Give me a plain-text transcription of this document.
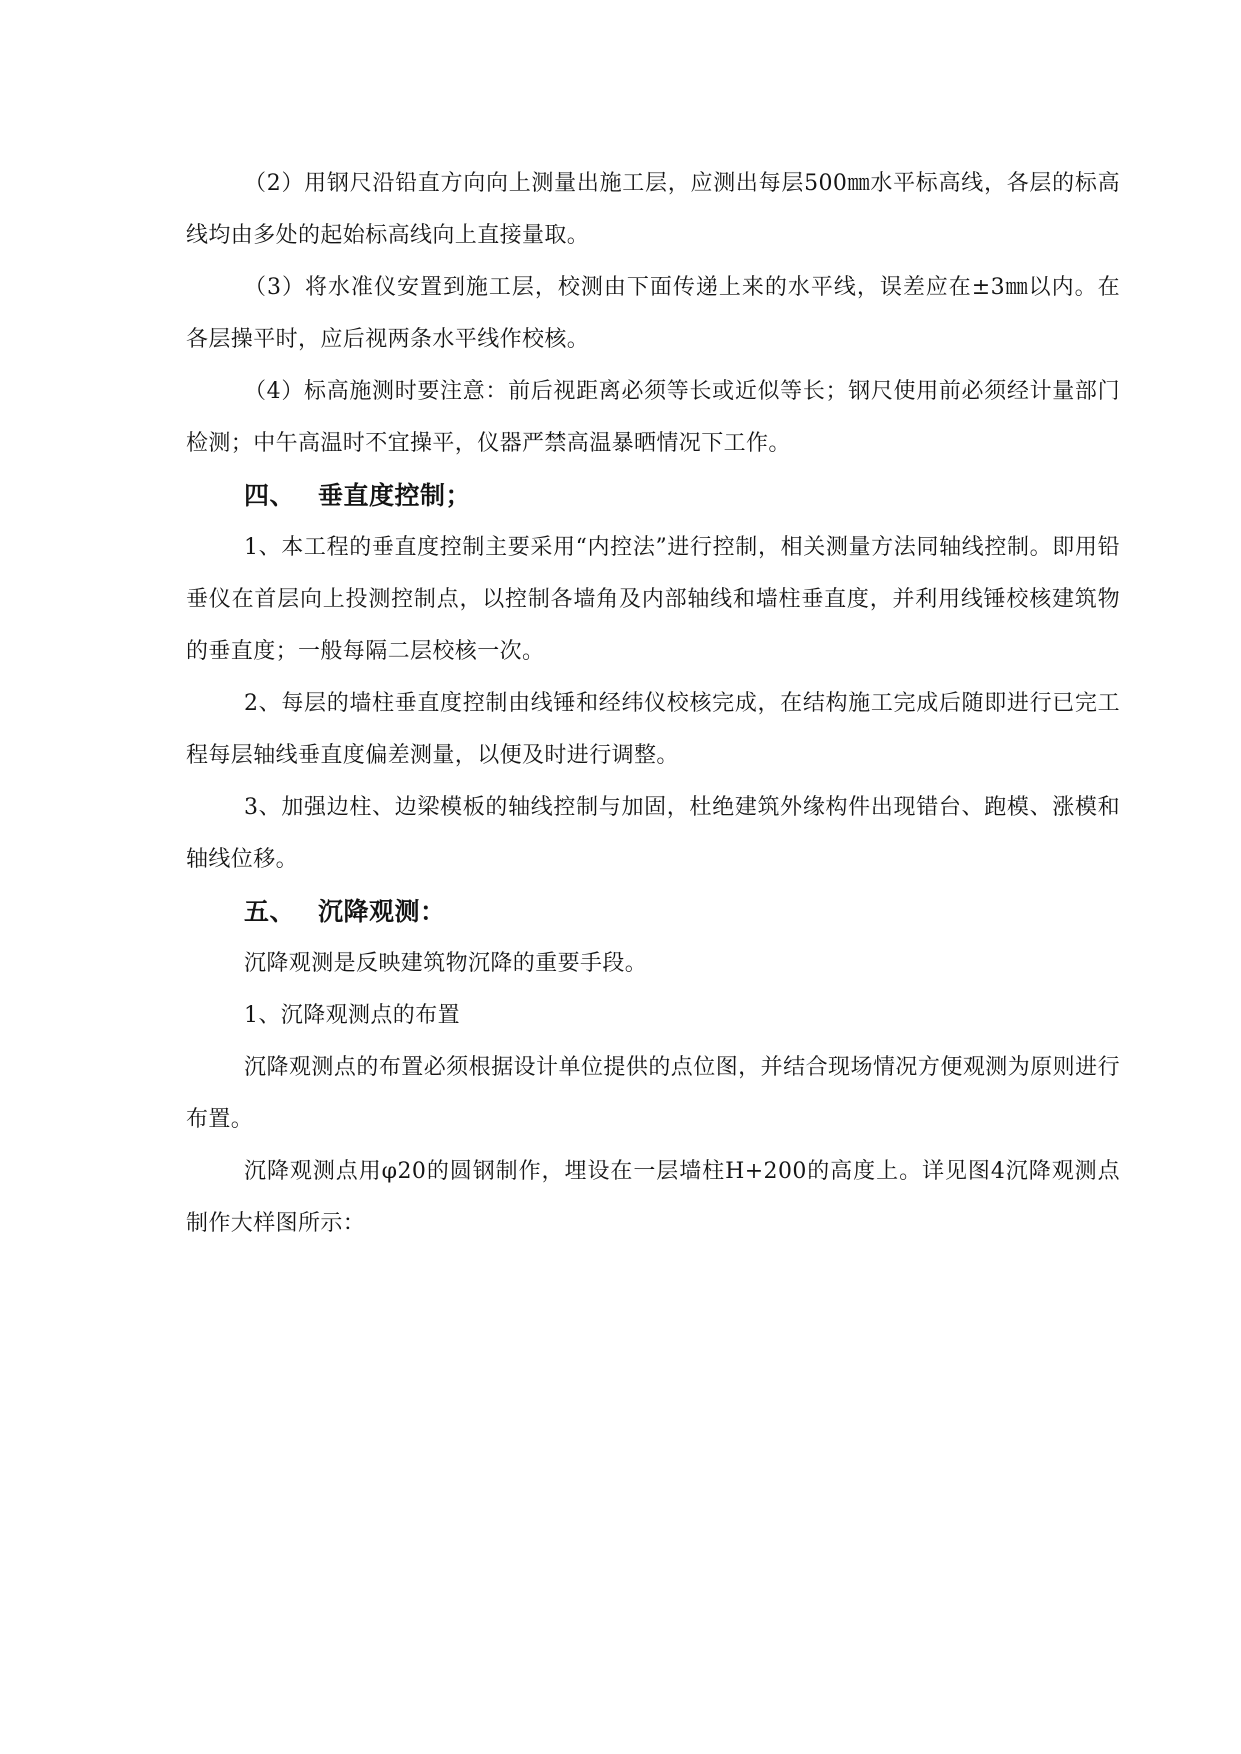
（2）用钢尺沿铅直方向向上测量出施工层，应测出每层500㎜水平标高线，各层的标高线均由多处的起始标高线向上直接量取。

（3）将水准仪安置到施工层，校测由下面传递上来的水平线，误差应在±3㎜以内。在各层操平时，应后视两条水平线作校核。

（4）标高施测时要注意：前后视距离必须等长或近似等长；钢尺使用前必须经计量部门检测；中午高温时不宜操平，仪器严禁高温暴晒情况下工作。

四、 垂直度控制；

1、本工程的垂直度控制主要采用“内控法”进行控制，相关测量方法同轴线控制。即用铅垂仪在首层向上投测控制点，以控制各墙角及内部轴线和墙柱垂直度，并利用线锤校核建筑物的垂直度；一般每隔二层校核一次。

2、每层的墙柱垂直度控制由线锤和经纬仪校核完成，在结构施工完成后随即进行已完工程每层轴线垂直度偏差测量，以便及时进行调整。

3、加强边柱、边梁模板的轴线控制与加固，杜绝建筑外缘构件出现错台、跑模、涨模和轴线位移。

五、 沉降观测：

沉降观测是反映建筑物沉降的重要手段。

1、沉降观测点的布置

沉降观测点的布置必须根据设计单位提供的点位图，并结合现场情况方便观测为原则进行布置。

沉降观测点用φ20的圆钢制作，埋设在一层墙柱H+200的高度上。详见图4沉降观测点制作大样图所示：
